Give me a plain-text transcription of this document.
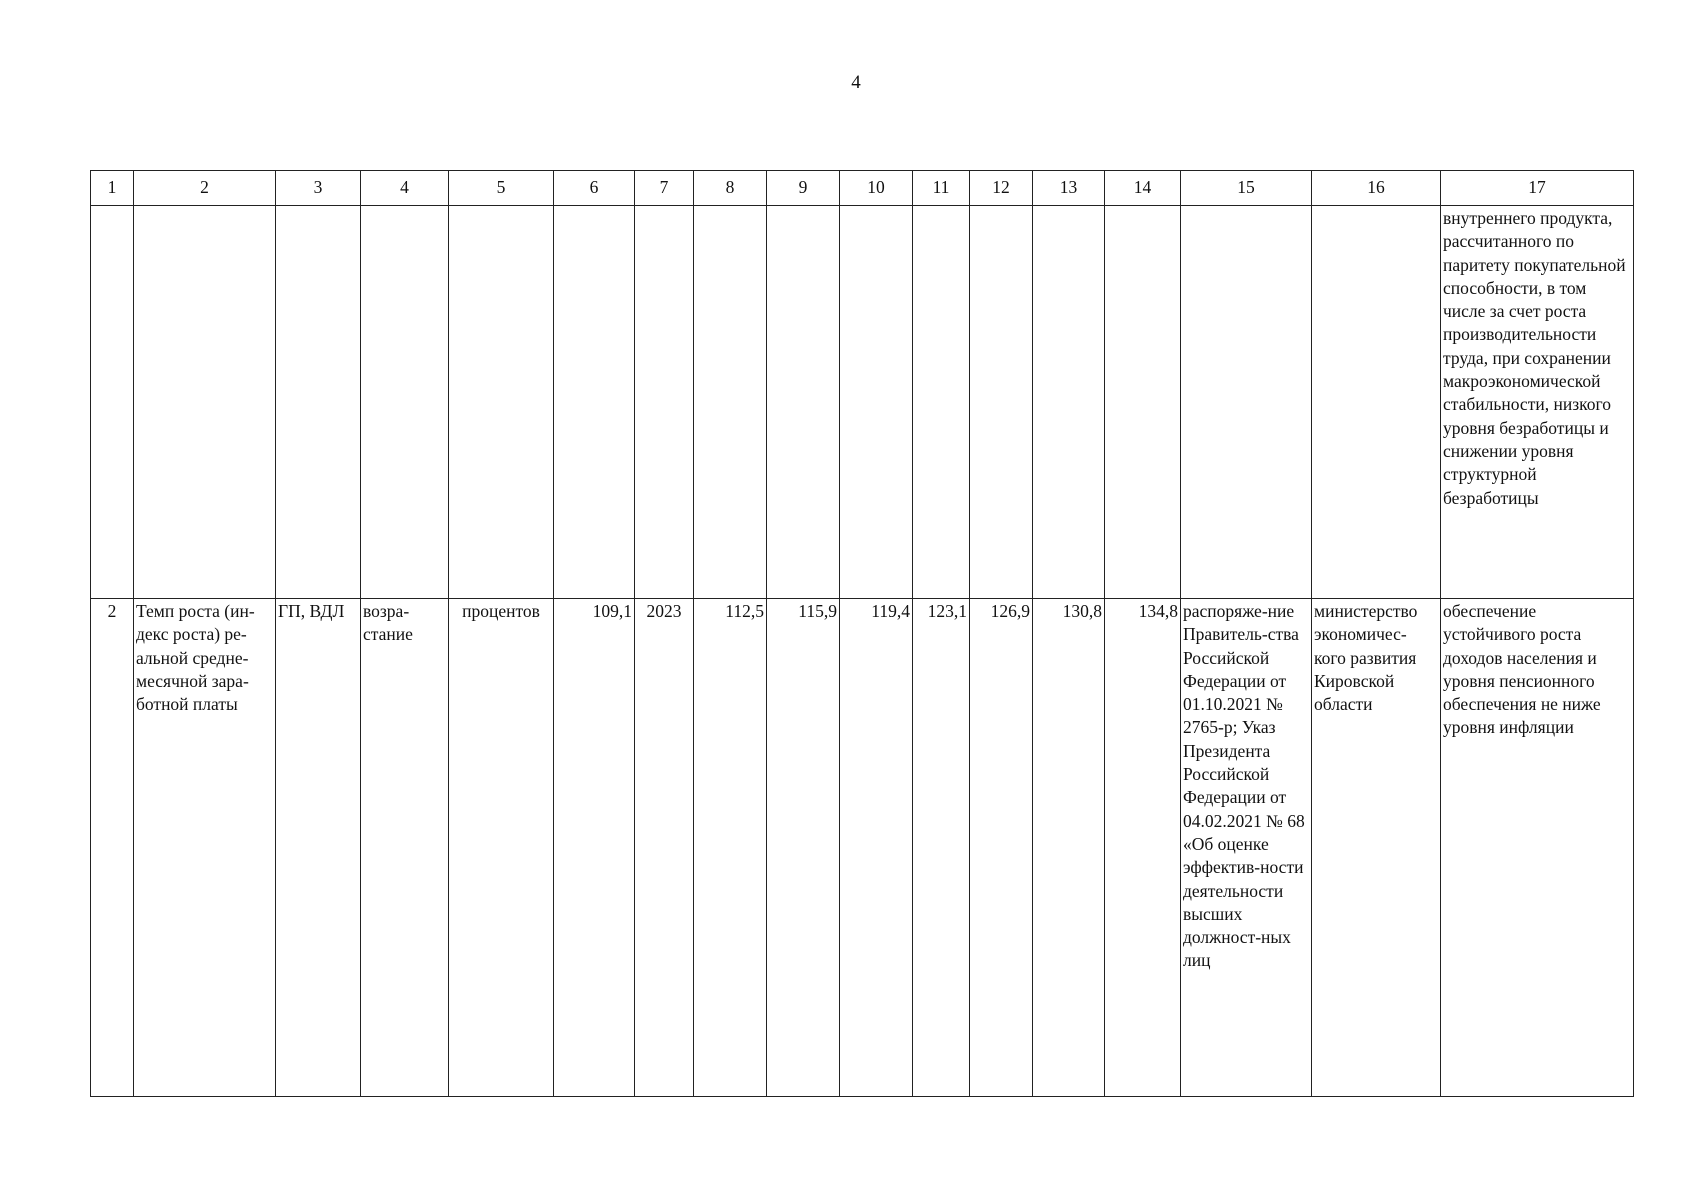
4
1	2	3	4	5	6	7	8	9	10	11	12	13	14	15	16	17
																внутреннего продукта, рассчитанного по паритету покупательной способности, в том числе за счет роста производительности труда, при сохранении макроэкономической стабильности, низкого уровня безработицы и снижении уровня структурной безработицы
2	Темп роста (ин-декс роста) ре-альной средне-месячной зара-ботной платы	ГП, ВДЛ	возра-стание	процентов	109,1	2023	112,5	115,9	119,4	123,1	126,9	130,8	134,8	распоряже-ние Правитель-ства Российской Федерации от 01.10.2021 № 2765-р; Указ Президента Российской Федерации от 04.02.2021 № 68 «Об оценке эффектив-ности деятельности высших должност-ных лиц	министерство экономичес-кого развития Кировской области	обеспечение устойчивого роста доходов населения и уровня пенсионного обеспечения не ниже уровня инфляции
